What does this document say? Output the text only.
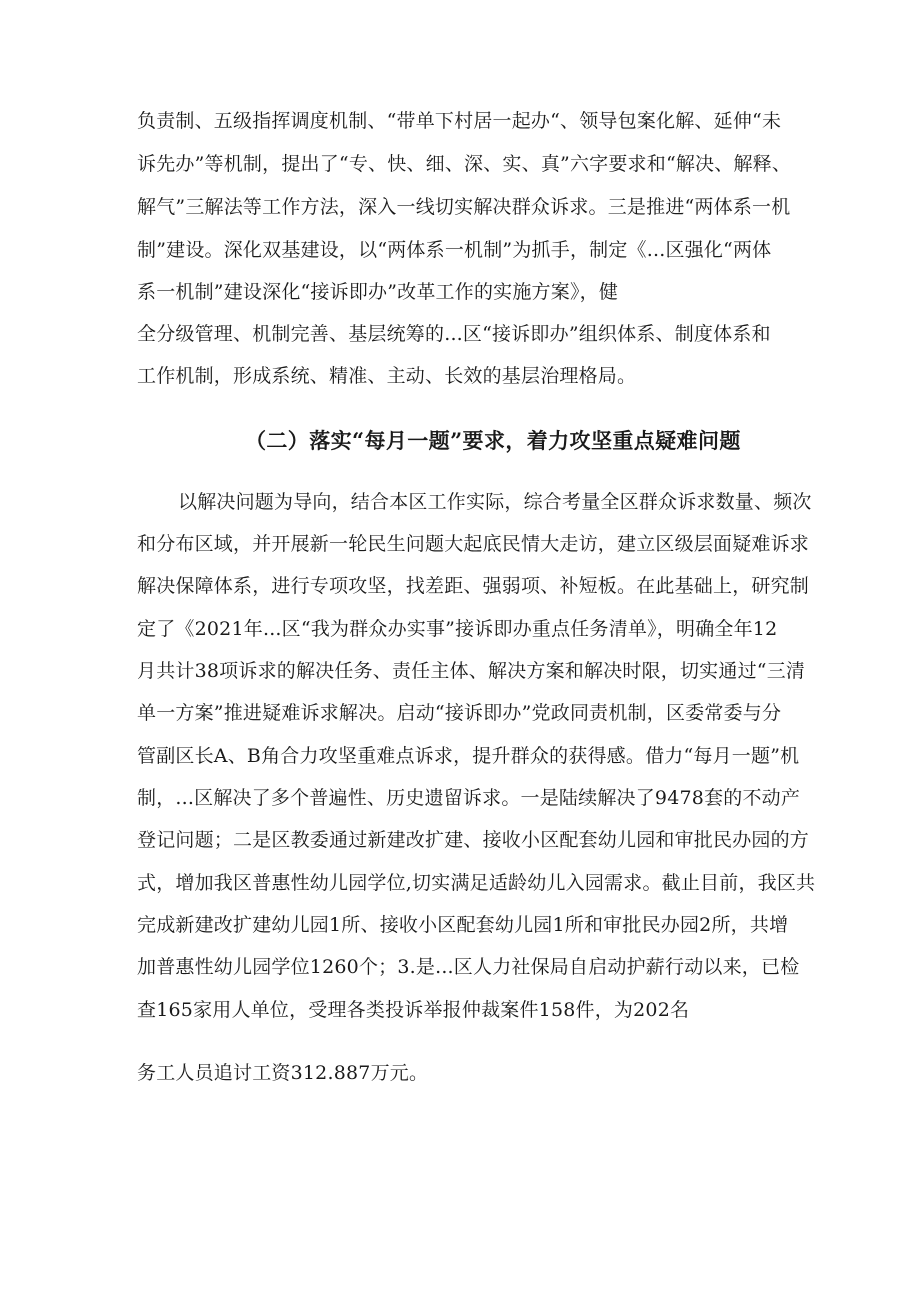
负责制、五级指挥调度机制、“带单下村居一起办“、领导包案化解、延伸“未
诉先办”等机制，提出了“专、快、细、深、实、真”六字要求和“解决、解释、
解气”三解法等工作方法，深入一线切实解决群众诉求。三是推进“两体系一机
制”建设。深化双基建设，以“两体系一机制”为抓手，制定《...区强化“两体
系一机制”建设深化“接诉即办”改革工作的实施方案》，健
全分级管理、机制完善、基层统筹的...区“接诉即办”组织体系、制度体系和
工作机制，形成系统、精准、主动、长效的基层治理格局。
（二）落实“每月一题”要求，着力攻坚重点疑难问题
以解决问题为导向，结合本区工作实际，综合考量全区群众诉求数量、频次
和分布区域，并开展新一轮民生问题大起底民情大走访，建立区级层面疑难诉求
解决保障体系，进行专项攻坚，找差距、强弱项、补短板。在此基础上，研究制
定了《2021年...区“我为群众办实事”接诉即办重点任务清单》，明确全年12
月共计38项诉求的解决任务、责任主体、解决方案和解决时限，切实通过“三清
单一方案”推进疑难诉求解决。启动“接诉即办”党政同责机制，区委常委与分
管副区长A、B角合力攻坚重难点诉求，提升群众的获得感。借力“每月一题”机
制，...区解决了多个普遍性、历史遗留诉求。一是陆续解决了9478套的不动产
登记问题；二是区教委通过新建改扩建、接收小区配套幼儿园和审批民办园的方
式，增加我区普惠性幼儿园学位,切实满足适龄幼儿入园需求。截止目前，我区共
完成新建改扩建幼儿园1所、接收小区配套幼儿园1所和审批民办园2所，共增
加普惠性幼儿园学位1260个；3.是...区人力社保局自启动护薪行动以来，已检
查165家用人单位，受理各类投诉举报仲裁案件158件，为202名
务工人员追讨工资312.887万元。
